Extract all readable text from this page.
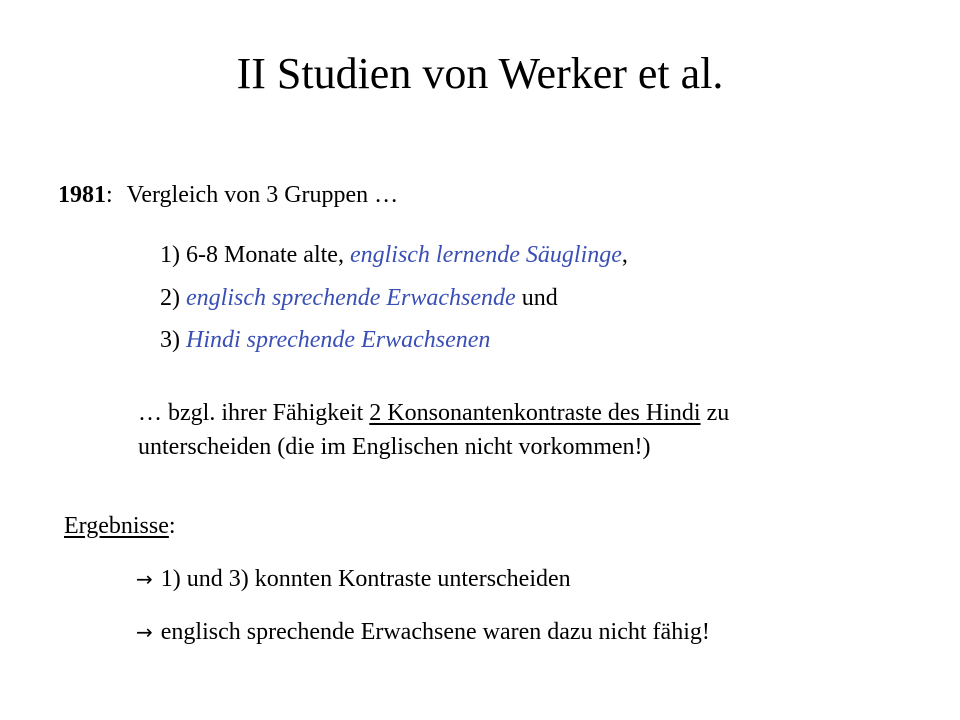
II Studien von Werker et al.
1981: Vergleich von 3 Gruppen …
1) 6-8 Monate alte, englisch lernende Säuglinge,
2) englisch sprechende Erwachsende und
3) Hindi sprechende Erwachsenen
… bzgl. ihrer Fähigkeit 2 Konsonantenkontraste des Hindi zu
unterscheiden (die im Englischen nicht vorkommen!)
Ergebnisse:
→ 1) und 3) konnten Kontraste unterscheiden
→ englisch sprechende Erwachsene waren dazu nicht fähig!
